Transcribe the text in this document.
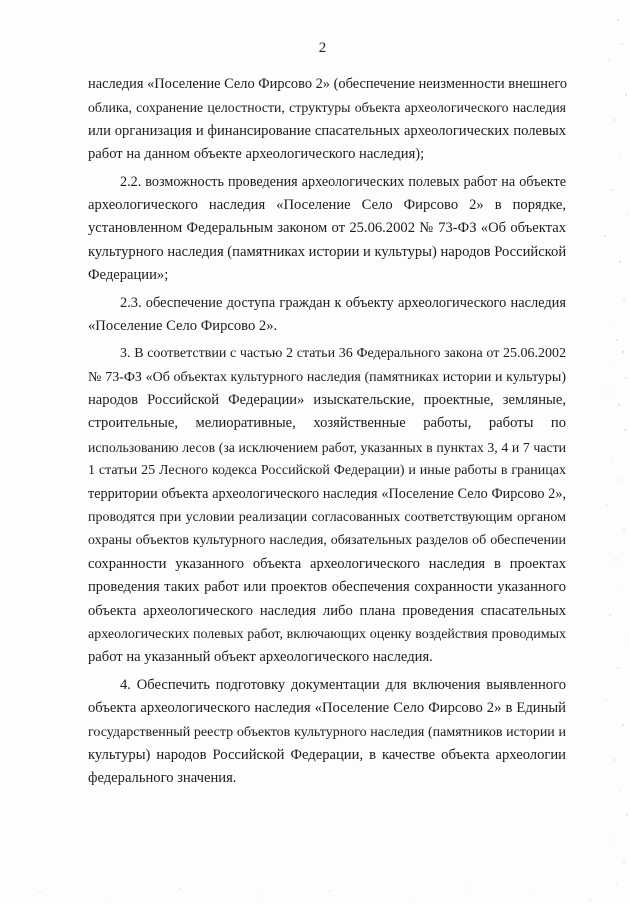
2
наследия «Поселение Село Фирсово 2» (обеспечение неизменности внешнего
облика, сохранение целостности, структуры объекта археологического наследия
или организация и финансирование спасательных археологических полевых
работ на данном объекте археологического наследия);
2.2. возможность проведения археологических полевых работ на объекте
археологического наследия «Поселение Село Фирсово 2» в порядке,
установленном Федеральным законом от 25.06.2002 № 73-ФЗ «Об объектах
культурного наследия (памятниках истории и культуры) народов Российской
Федерации»;
2.3. обеспечение доступа граждан к объекту археологического наследия
«Поселение Село Фирсово 2».
3. В соответствии с частью 2 статьи 36 Федерального закона от 25.06.2002
№ 73-ФЗ «Об объектах культурного наследия (памятниках истории и культуры)
народов Российской Федерации» изыскательские, проектные, земляные,
строительные, мелиоративные, хозяйственные работы, работы по
использованию лесов (за исключением работ, указанных в пунктах 3, 4 и 7 части
1 статьи 25 Лесного кодекса Российской Федерации) и иные работы в границах
территории объекта археологического наследия «Поселение Село Фирсово 2»,
проводятся при условии реализации согласованных соответствующим органом
охраны объектов культурного наследия, обязательных разделов об обеспечении
сохранности указанного объекта археологического наследия в проектах
проведения таких работ или проектов обеспечения сохранности указанного
объекта археологического наследия либо плана проведения спасательных
археологических полевых работ, включающих оценку воздействия проводимых
работ на указанный объект археологического наследия.
4. Обеспечить подготовку документации для включения выявленного
объекта археологического наследия «Поселение Село Фирсово 2» в Единый
государственный реестр объектов культурного наследия (памятников истории и
культуры) народов Российской Федерации, в качестве объекта археологии
федерального значения.
